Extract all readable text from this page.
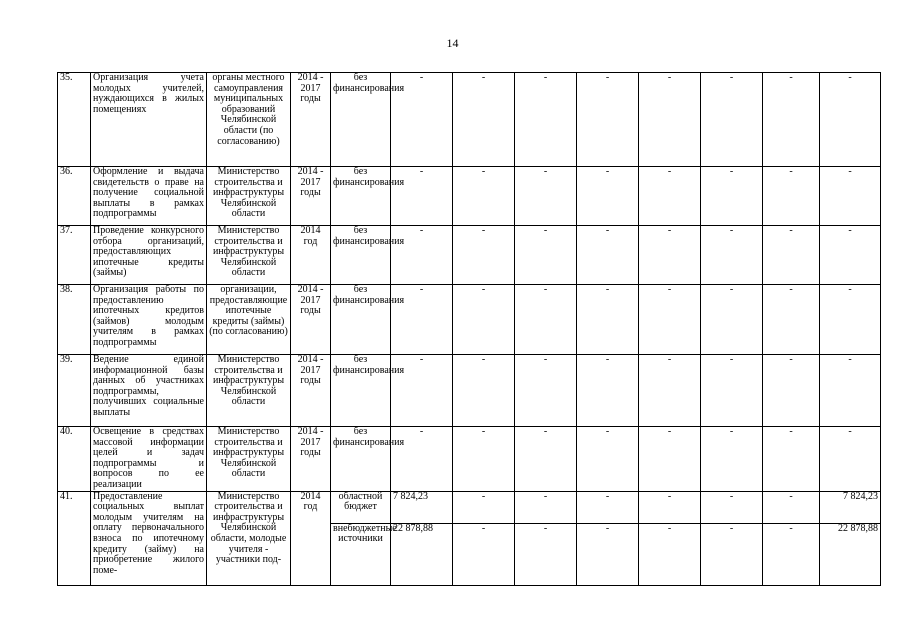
14
35.	Организация учета молодых учителей, нуждающихся в жилых помещениях	органы местного самоуправления муниципальных образований Челябинской области (по согласованию)	2014 - 2017 годы	без финансирования	-	-	-	-	-	-	-	-
36.	Оформление и выдача свидетельств о праве на получение социальной выплаты в рамках подпрограммы	Министерство строительства и инфраструктуры Челябинской области	2014 - 2017 годы	без финансирования	-	-	-	-	-	-	-	-
37.	Проведение конкурсного отбора организаций, предоставляющих ипотечные кредиты (займы)	Министерство строительства и инфраструктуры Челябинской области	2014 год	без финансирования	-	-	-	-	-	-	-	-
38.	Организация работы по предоставлению ипотечных кредитов (займов) молодым учителям в рамках подпрограммы	организации, предоставляющие ипотечные кредиты (займы) (по согласованию)	2014 - 2017 годы	без финансирования	-	-	-	-	-	-	-	-
39.	Ведение единой информационной базы данных об участниках подпрограммы, получивших социальные выплаты	Министерство строительства и инфраструктуры Челябинской области	2014 - 2017 годы	без финансирования	-	-	-	-	-	-	-	-
40.	Освещение в средствах массовой информации целей и задач подпрограммы и вопросов по ее реализации	Министерство строительства и инфраструктуры Челябинской области	2014 - 2017 годы	без финансирования	-	-	-	-	-	-	-	-
41.	Предоставление социальных выплат молодым учителям на оплату первоначального взноса по ипотечному кредиту (займу) на приобретение жилого поме-	Министерство строительства и инфраструктуры Челябинской области, молодые учителя - участники под-	2014 год	областной бюджет	7 824,23	-	-	-	-	-	-	7 824,23
				внебюджетные источники	22 878,88	-	-	-	-	-	-	22 878,88
